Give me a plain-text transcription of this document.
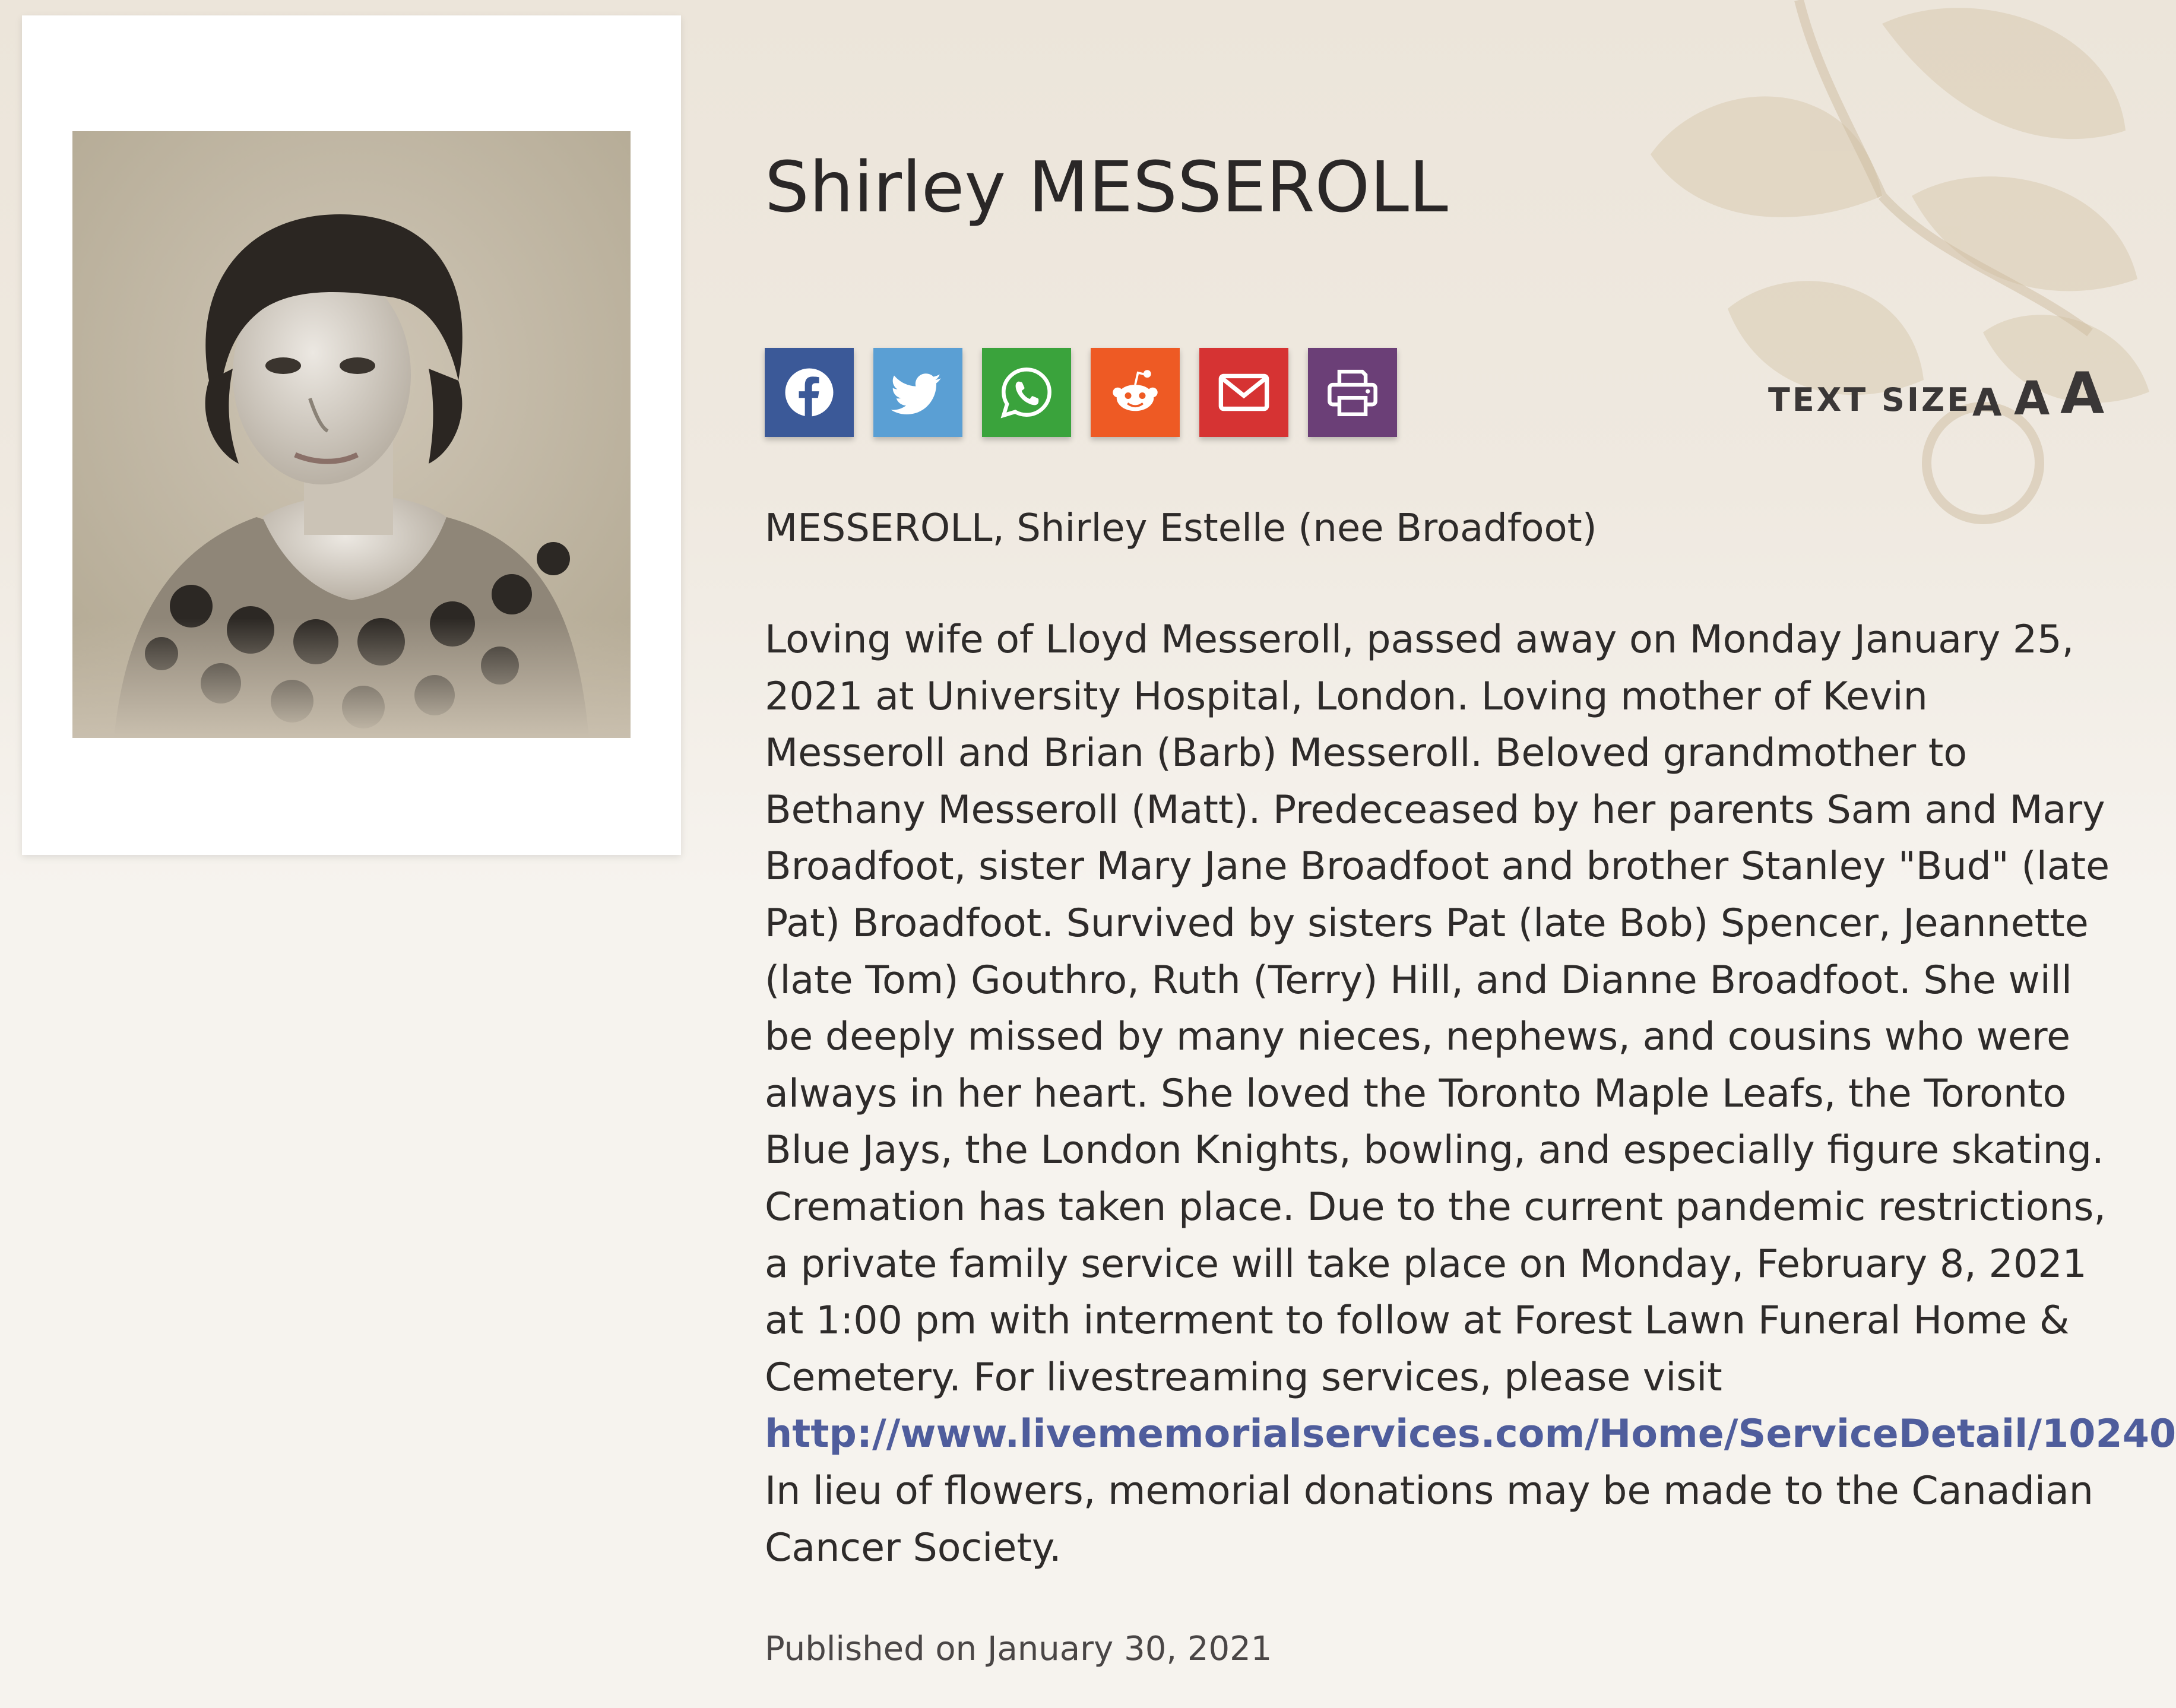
Shirley MESSEROLL
TEXT SIZE A A A

MESSEROLL, Shirley Estelle (nee Broadfoot)

Loving wife of Lloyd Messeroll, passed away on Monday January 25, 2021 at University Hospital, London. Loving mother of Kevin Messeroll and Brian (Barb) Messeroll. Beloved grandmother to Bethany Messeroll (Matt). Predeceased by her parents Sam and Mary Broadfoot, sister Mary Jane Broadfoot and brother Stanley "Bud" (late Pat) Broadfoot. Survived by sisters Pat (late Bob) Spencer, Jeannette (late Tom) Gouthro, Ruth (Terry) Hill, and Dianne Broadfoot. She will be deeply missed by many nieces, nephews, and cousins who were always in her heart. She loved the Toronto Maple Leafs, the Toronto Blue Jays, the London Knights, bowling, and especially figure skating. Cremation has taken place. Due to the current pandemic restrictions, a private family service will take place on Monday, February 8, 2021 at 1:00 pm with interment to follow at Forest Lawn Funeral Home & Cemetery. For livestreaming services, please visit http://www.livememorialservices.com/Home/ServiceDetail/10240 In lieu of flowers, memorial donations may be made to the Canadian Cancer Society.

Published on January 30, 2021
